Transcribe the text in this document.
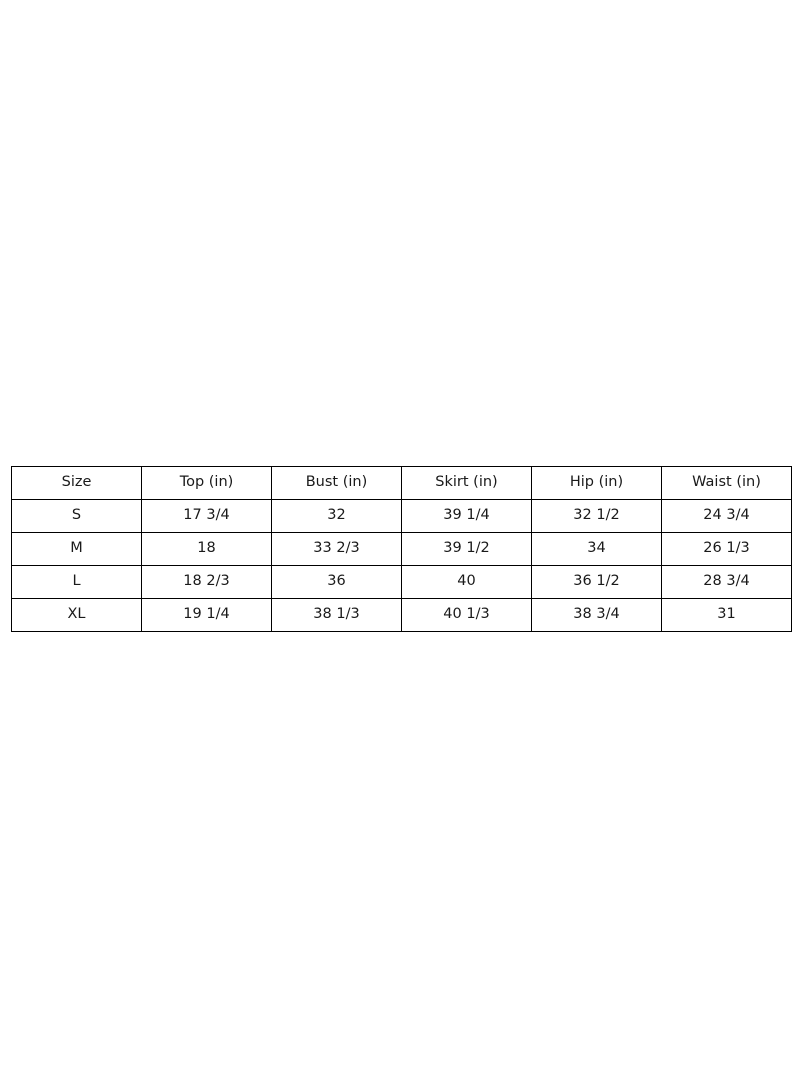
Size	Top (in)	Bust (in)	Skirt (in)	Hip (in)	Waist (in)
S	17 3/4	32	39 1/4	32 1/2	24 3/4
M	18	33 2/3	39 1/2	34	26 1/3
L	18 2/3	36	40	36 1/2	28 3/4
XL	19 1/4	38 1/3	40 1/3	38 3/4	31
